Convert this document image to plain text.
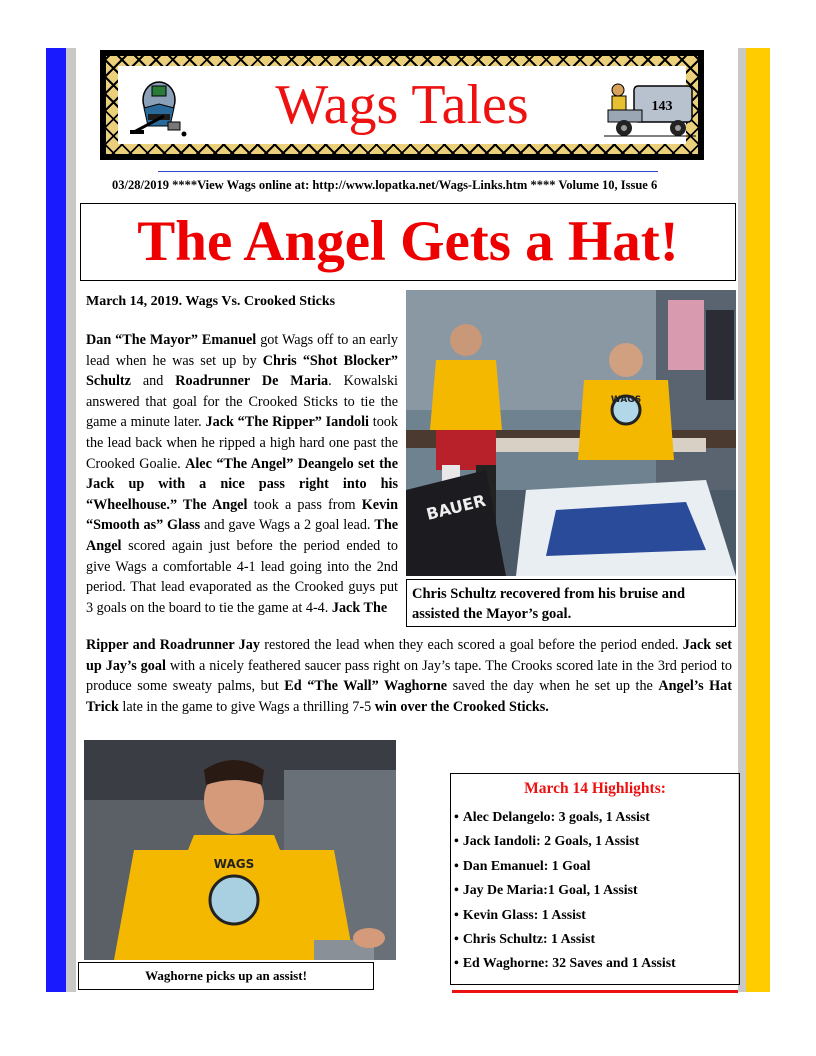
Wags Tales	143
03/28/2019 ****View Wags online at: http://www.lopatka.net/Wags-Links.htm **** Volume 10, Issue 6
The Angel Gets a Hat!
March 14, 2019. Wags Vs. Crooked Sticks
Dan “The Mayor” Emanuel got Wags off to an early lead when he was set up by Chris “Shot Blocker” Schultz and Roadrunner De Maria. Kowalski answered that goal for the Crooked Sticks to tie the game a minute later. Jack “The Ripper” Iandoli took the lead back when he ripped a high hard one past the Crooked Goalie. Alec “The Angel” Deangelo set the Jack up with a nice pass right into his “Wheelhouse.” The Angel took a pass from Kevin “Smooth as” Glass and gave Wags a 2 goal lead. The Angel scored again just before the period ended to give Wags a comfortable 4-1 lead going into the 2nd period. That lead evaporated as the Crooked guys put 3 goals on the board to tie the game at 4-4. Jack The
WAGS
BAUER
Chris Schultz recovered from his bruise and assisted the Mayor’s goal.
Ripper and Roadrunner Jay restored the lead when they each scored a goal before the period ended. Jack set up Jay’s goal with a nicely feathered saucer pass right on Jay’s tape. The Crooks scored late in the 3rd period to produce some sweaty palms, but Ed “The Wall” Waghorne saved the day when he set up the Angel’s Hat Trick late in the game to give Wags a thrilling 7-5 win over the Crooked Sticks.
WAGS
Waghorne picks up an assist!
March 14 Highlights:
• Alec Delangelo: 3 goals, 1 Assist
• Jack Iandoli: 2 Goals, 1 Assist
• Dan Emanuel: 1 Goal
• Jay De Maria:1 Goal, 1 Assist
• Kevin Glass: 1 Assist
• Chris Schultz: 1 Assist
• Ed Waghorne: 32 Saves and 1 Assist
